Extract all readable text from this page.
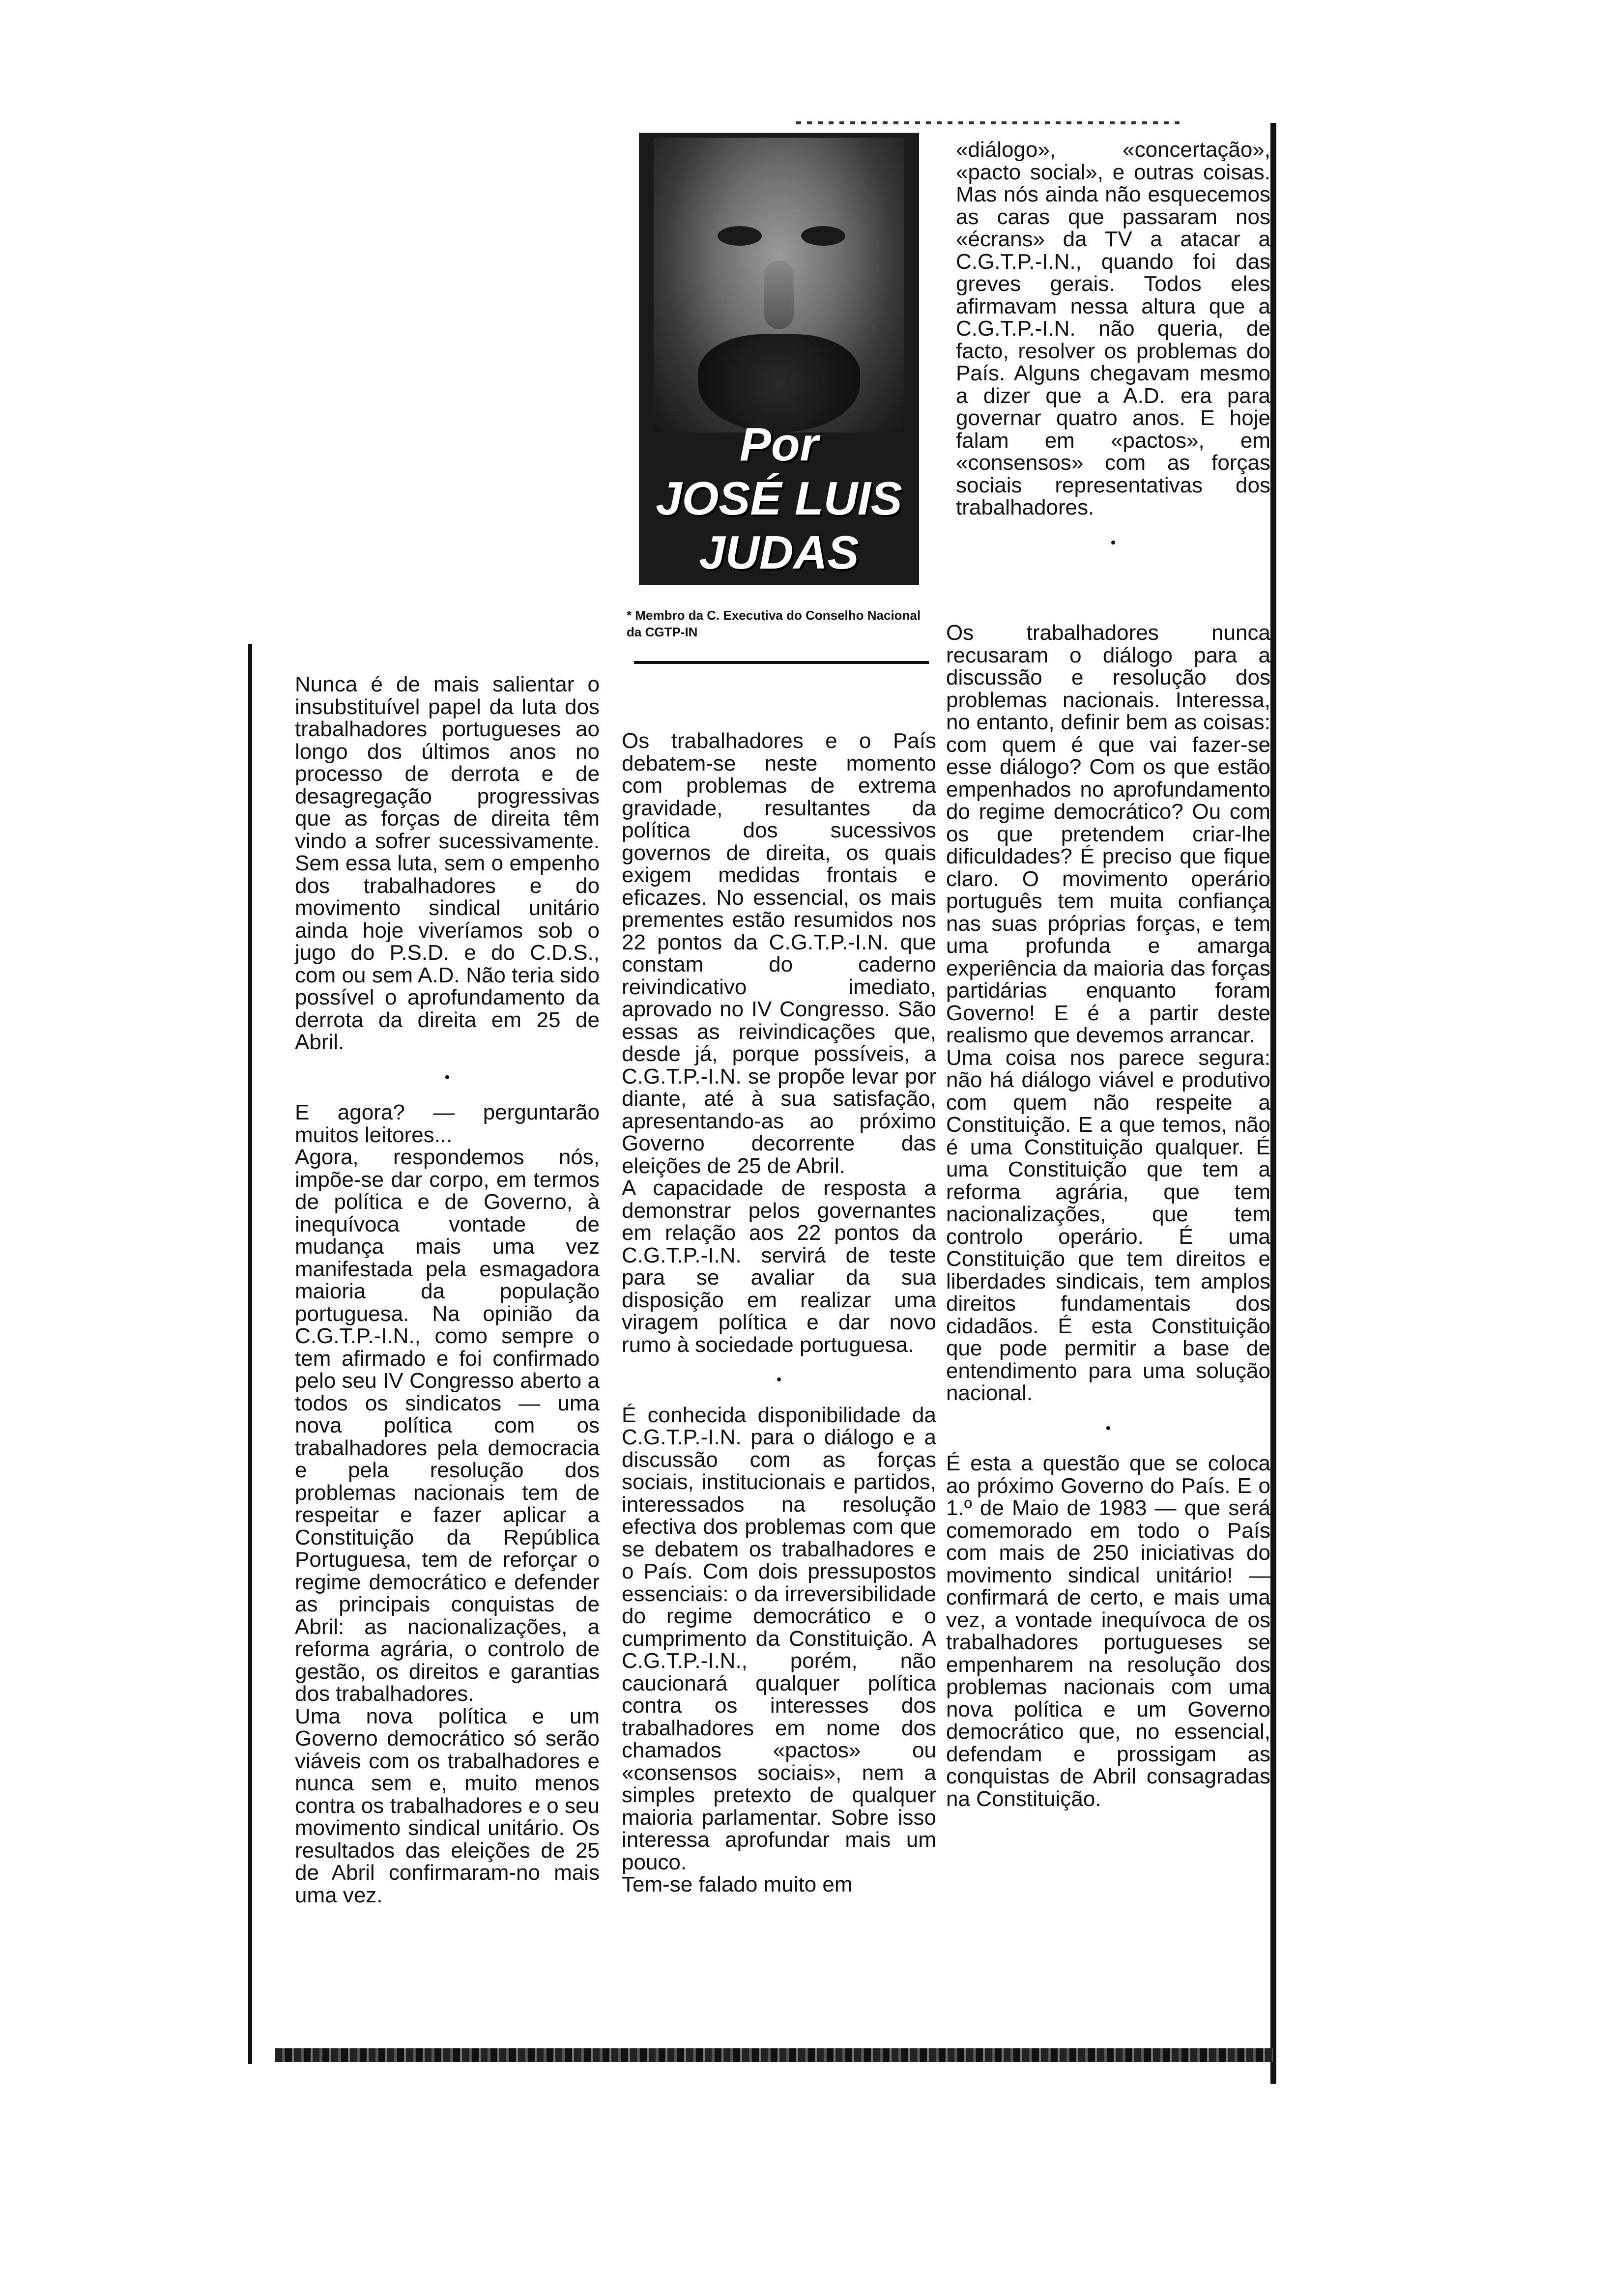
Por
JOSÉ LUIS
JUDAS
* Membro da C. Executiva do Conselho Nacional da CGTP-IN

Nunca é de mais salientar o insubstituível papel da luta dos trabalhadores portugueses ao longo dos últimos anos no processo de derrota e de desagregação progressivas que as forças de direita têm vindo a sofrer sucessivamente. Sem essa luta, sem o empenho dos trabalhadores e do movimento sindical unitário ainda hoje viveríamos sob o jugo do P.S.D. e do C.D.S., com ou sem A.D. Não teria sido possível o aprofundamento da derrota da direita em 25 de Abril.

•

E agora? — perguntarão muitos leitores...

Agora, respondemos nós, impõe-se dar corpo, em termos de política e de Governo, à inequívoca vontade de mudança mais uma vez manifestada pela esmagadora maioria da população portuguesa. Na opinião da C.G.T.P.-I.N., como sempre o tem afirmado e foi confirmado pelo seu IV Congresso aberto a todos os sindicatos — uma nova política com os trabalhadores pela democracia e pela resolução dos problemas nacionais tem de respeitar e fazer aplicar a Constituição da República Portuguesa, tem de reforçar o regime democrático e defender as principais conquistas de Abril: as nacionalizações, a reforma agrária, o controlo de gestão, os direitos e garantias dos trabalhadores.

Uma nova política e um Governo democrático só serão viáveis com os trabalhadores e nunca sem e, muito menos contra os trabalhadores e o seu movimento sindical unitário. Os resultados das eleições de 25 de Abril confirmaram-no mais uma vez.

Os trabalhadores e o País debatem-se neste momento com problemas de extrema gravidade, resultantes da política dos sucessivos governos de direita, os quais exigem medidas frontais e eficazes. No essencial, os mais prementes estão resumidos nos 22 pontos da C.G.T.P.-I.N. que constam do caderno reivindicativo imediato, aprovado no IV Congresso. São essas as reivindicações que, desde já, porque possíveis, a C.G.T.P.-I.N. se propõe levar por diante, até à sua satisfação, apresentando-as ao próximo Governo decorrente das eleições de 25 de Abril.

A capacidade de resposta a demonstrar pelos governantes em relação aos 22 pontos da C.G.T.P.-I.N. servirá de teste para se avaliar da sua disposição em realizar uma viragem política e dar novo rumo à sociedade portuguesa.

•

É conhecida disponibilidade da C.G.T.P.-I.N. para o diálogo e a discussão com as forças sociais, institucionais e partidos, interessados na resolução efectiva dos problemas com que se debatem os trabalhadores e o País. Com dois pressupostos essenciais: o da irreversibilidade do regime democrático e o cumprimento da Constituição. A C.G.T.P.-I.N., porém, não caucionará qualquer política contra os interesses dos trabalhadores em nome dos chamados «pactos» ou «consensos sociais», nem a simples pretexto de qualquer maioria parlamentar. Sobre isso interessa aprofundar mais um pouco.

Tem-se falado muito em

«diálogo», «concertação», «pacto social», e outras coisas. Mas nós ainda não esquecemos as caras que passaram nos «écrans» da TV a atacar a C.G.T.P.-I.N., quando foi das greves gerais. Todos eles afirmavam nessa altura que a C.G.T.P.-I.N. não queria, de facto, resolver os problemas do País. Alguns chegavam mesmo a dizer que a A.D. era para governar quatro anos. E hoje falam em «pactos», em «consensos» com as forças sociais representativas dos trabalhadores.

•

Os trabalhadores nunca recusaram o diálogo para a discussão e resolução dos problemas nacionais. Interessa, no entanto, definir bem as coisas: com quem é que vai fazer-se esse diálogo? Com os que estão empenhados no aprofundamento do regime democrático? Ou com os que pretendem criar-lhe dificuldades? É preciso que fique claro. O movimento operário português tem muita confiança nas suas próprias forças, e tem uma profunda e amarga experiência da maioria das forças partidárias enquanto foram Governo! E é a partir deste realismo que devemos arrancar.

Uma coisa nos parece segura: não há diálogo viável e produtivo com quem não respeite a Constituição. E a que temos, não é uma Constituição qualquer. É uma Constituição que tem a reforma agrária, que tem nacionalizações, que tem controlo operário. É uma Constituição que tem direitos e liberdades sindicais, tem amplos direitos fundamentais dos cidadãos. É esta Constituição que pode permitir a base de entendimento para uma solução nacional.

•

É esta a questão que se coloca ao próximo Governo do País. E o 1.º de Maio de 1983 — que será comemorado em todo o País com mais de 250 iniciativas do movimento sindical unitário! — confirmará de certo, e mais uma vez, a vontade inequívoca de os trabalhadores portugueses se empenharem na resolução dos problemas nacionais com uma nova política e um Governo democrático que, no essencial, defendam e prossigam as conquistas de Abril consagradas na Constituição.
